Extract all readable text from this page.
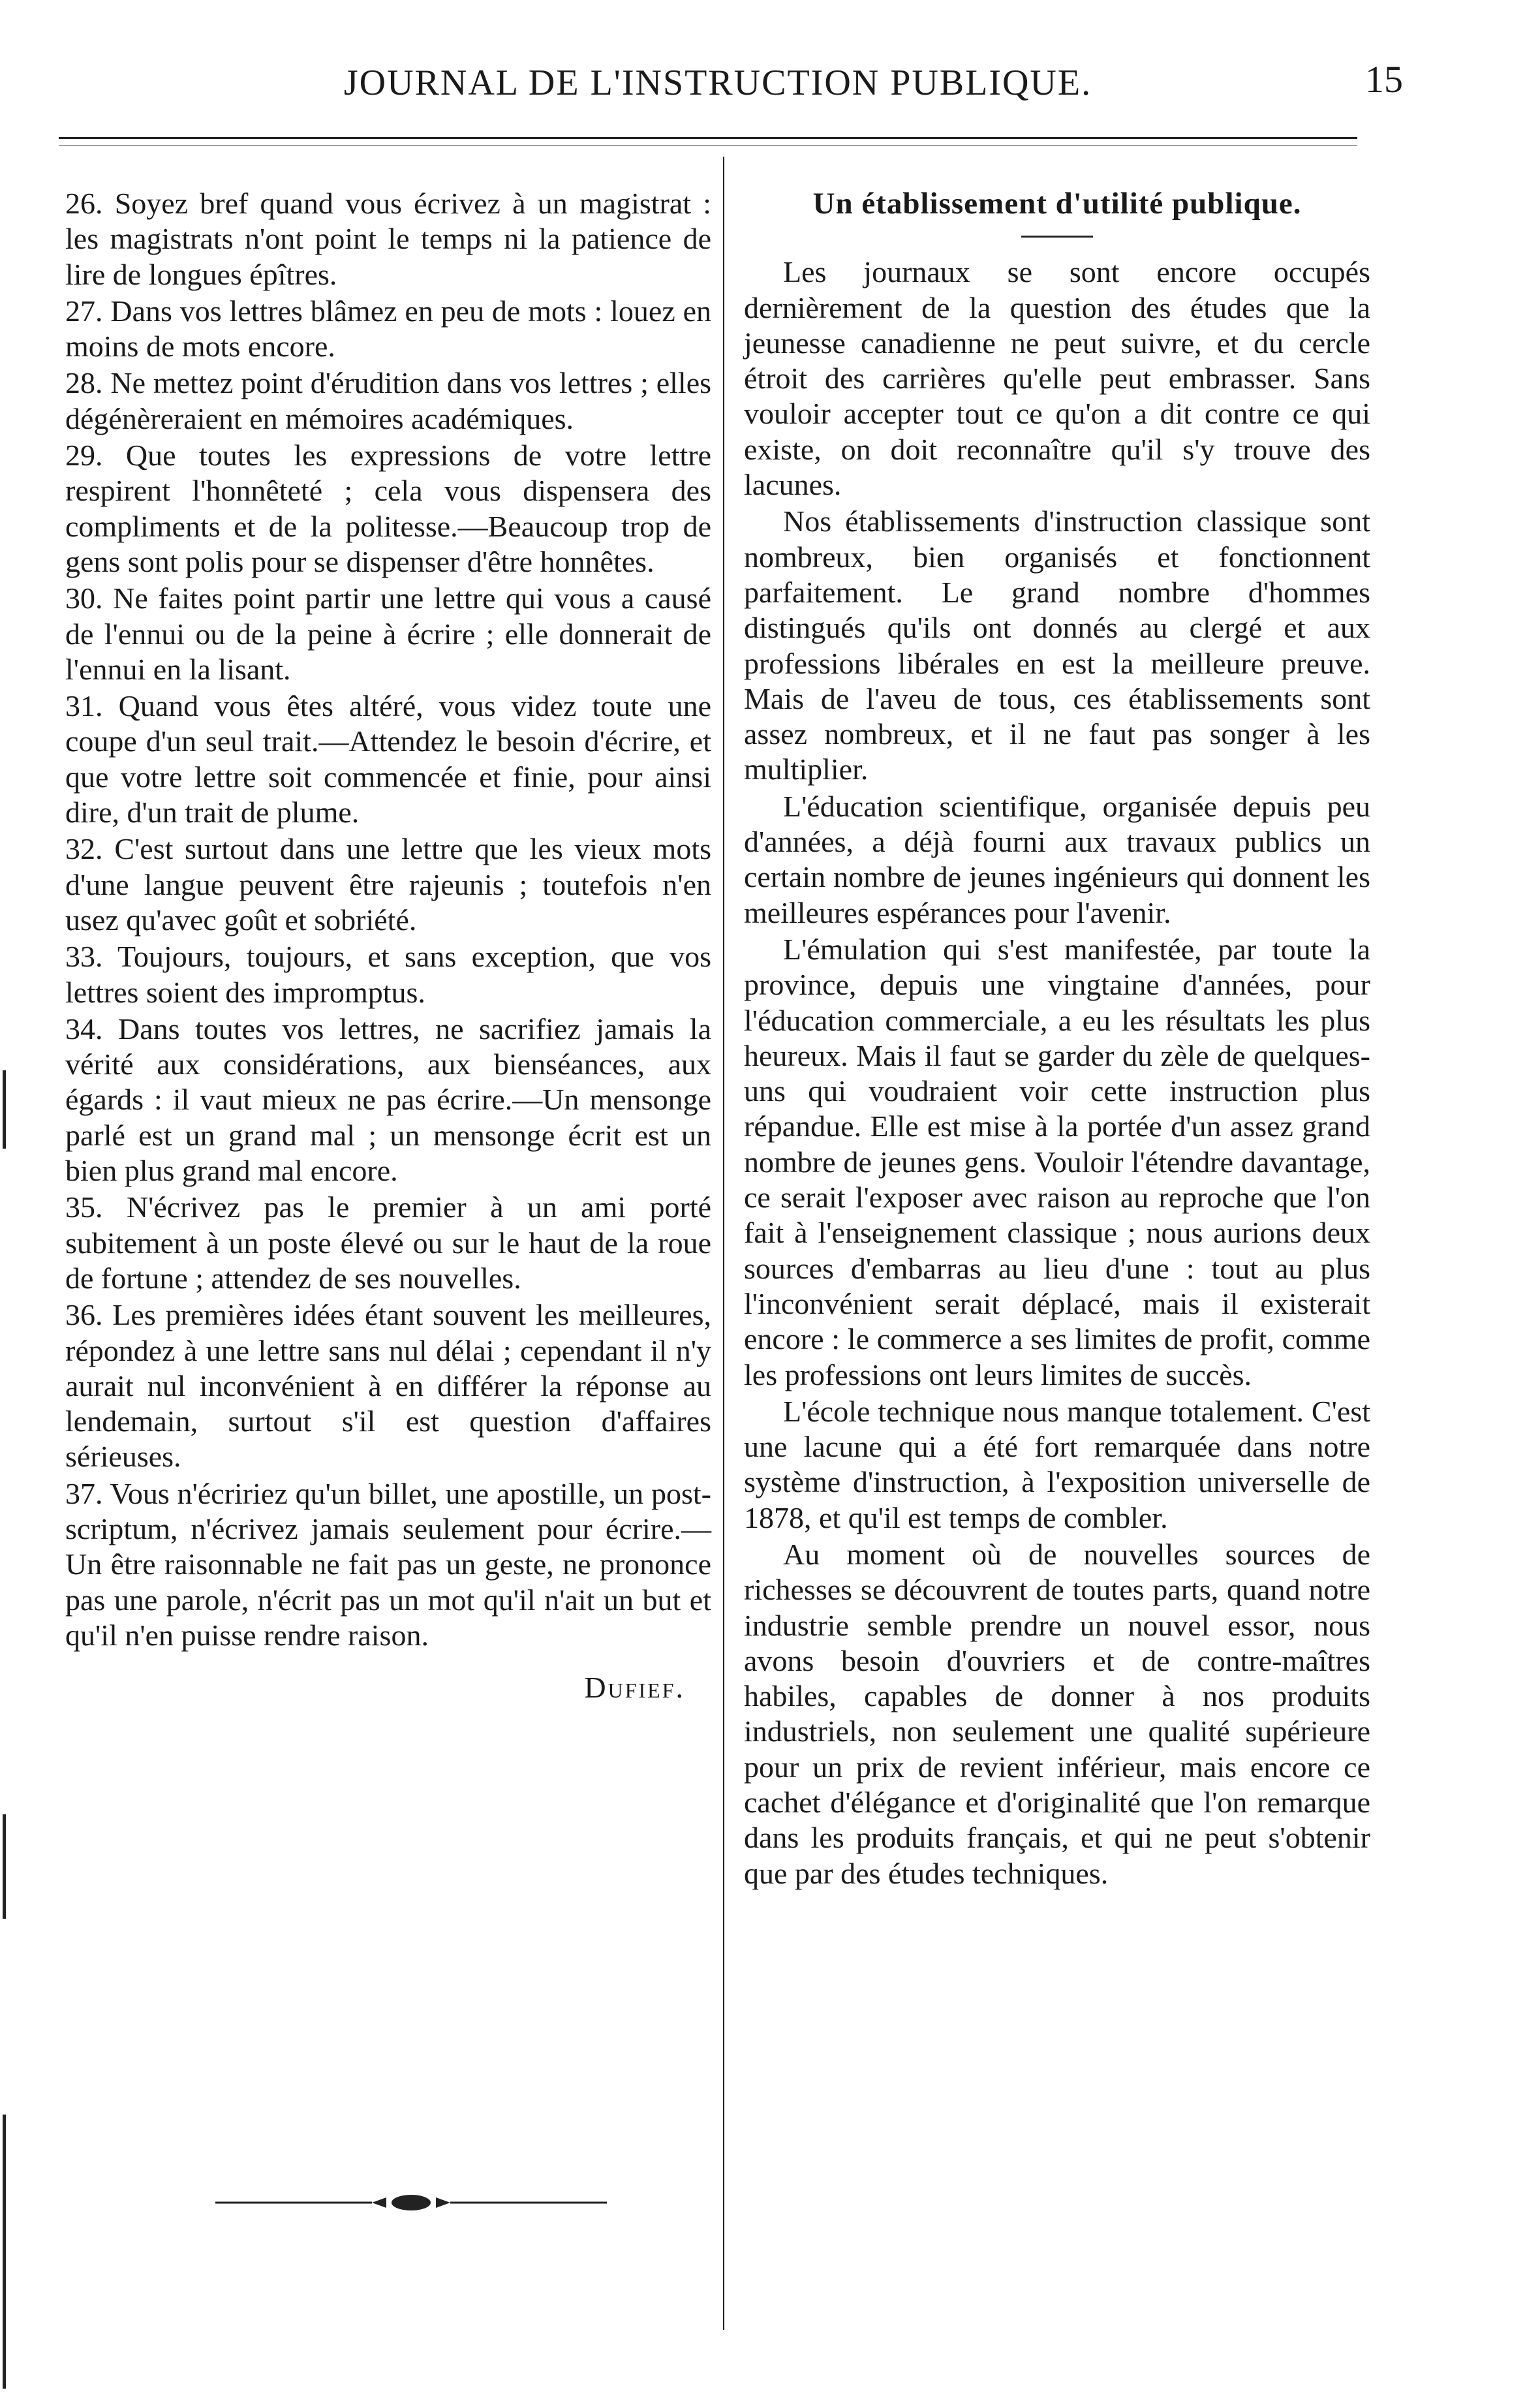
JOURNAL DE L'INSTRUCTION PUBLIQUE.	15

26. Soyez bref quand vous écrivez à un magistrat : les magistrats n'ont point le temps ni la patience de lire de longues épîtres.

27. Dans vos lettres blâmez en peu de mots : louez en moins de mots encore.

28. Ne mettez point d'érudition dans vos lettres ; elles dégénèreraient en mémoires académiques.

29. Que toutes les expressions de votre lettre respirent l'honnêteté ; cela vous dispensera des compliments et de la politesse.—Beaucoup trop de gens sont polis pour se dispenser d'être honnêtes.

30. Ne faites point partir une lettre qui vous a causé de l'ennui ou de la peine à écrire ; elle donnerait de l'ennui en la lisant.

31. Quand vous êtes altéré, vous videz toute une coupe d'un seul trait.—Attendez le besoin d'écrire, et que votre lettre soit commencée et finie, pour ainsi dire, d'un trait de plume.

32. C'est surtout dans une lettre que les vieux mots d'une langue peuvent être rajeunis ; toutefois n'en usez qu'avec goût et sobriété.

33. Toujours, toujours, et sans exception, que vos lettres soient des impromptus.

34. Dans toutes vos lettres, ne sacrifiez jamais la vérité aux considérations, aux bienséances, aux égards : il vaut mieux ne pas écrire.—Un mensonge parlé est un grand mal ; un mensonge écrit est un bien plus grand mal encore.

35. N'écrivez pas le premier à un ami porté subitement à un poste élevé ou sur le haut de la roue de fortune ; attendez de ses nouvelles.

36. Les premières idées étant souvent les meilleures, répondez à une lettre sans nul délai ; cependant il n'y aurait nul inconvénient à en différer la réponse au lendemain, surtout s'il est question d'affaires sérieuses.

37. Vous n'écririez qu'un billet, une apostille, un post-scriptum, n'écrivez jamais seulement pour écrire.—Un être raisonnable ne fait pas un geste, ne prononce pas une parole, n'écrit pas un mot qu'il n'ait un but et qu'il n'en puisse rendre raison.

Dufief.
Un établissement d'utilité publique.

Les journaux se sont encore occupés dernièrement de la question des études que la jeunesse canadienne ne peut suivre, et du cercle étroit des carrières qu'elle peut embrasser. Sans vouloir accepter tout ce qu'on a dit contre ce qui existe, on doit reconnaître qu'il s'y trouve des lacunes.

Nos établissements d'instruction classique sont nombreux, bien organisés et fonctionnent parfaitement. Le grand nombre d'hommes distingués qu'ils ont donnés au clergé et aux professions libérales en est la meilleure preuve. Mais de l'aveu de tous, ces établissements sont assez nombreux, et il ne faut pas songer à les multiplier.

L'éducation scientifique, organisée depuis peu d'années, a déjà fourni aux travaux publics un certain nombre de jeunes ingénieurs qui donnent les meilleures espérances pour l'avenir.

L'émulation qui s'est manifestée, par toute la province, depuis une vingtaine d'années, pour l'éducation commerciale, a eu les résultats les plus heureux. Mais il faut se garder du zèle de quelques-uns qui voudraient voir cette instruction plus répandue. Elle est mise à la portée d'un assez grand nombre de jeunes gens. Vouloir l'étendre davantage, ce serait l'exposer avec raison au reproche que l'on fait à l'enseignement classique ; nous aurions deux sources d'embarras au lieu d'une : tout au plus l'inconvénient serait déplacé, mais il existerait encore : le commerce a ses limites de profit, comme les professions ont leurs limites de succès.

L'école technique nous manque totalement. C'est une lacune qui a été fort remarquée dans notre système d'instruction, à l'exposition universelle de 1878, et qu'il est temps de combler.

Au moment où de nouvelles sources de richesses se découvrent de toutes parts, quand notre industrie semble prendre un nouvel essor, nous avons besoin d'ouvriers et de contre-maîtres habiles, capables de donner à nos produits industriels, non seulement une qualité supérieure pour un prix de revient inférieur, mais encore ce cachet d'élégance et d'originalité que l'on remarque dans les produits français, et qui ne peut s'obtenir que par des études techniques.
